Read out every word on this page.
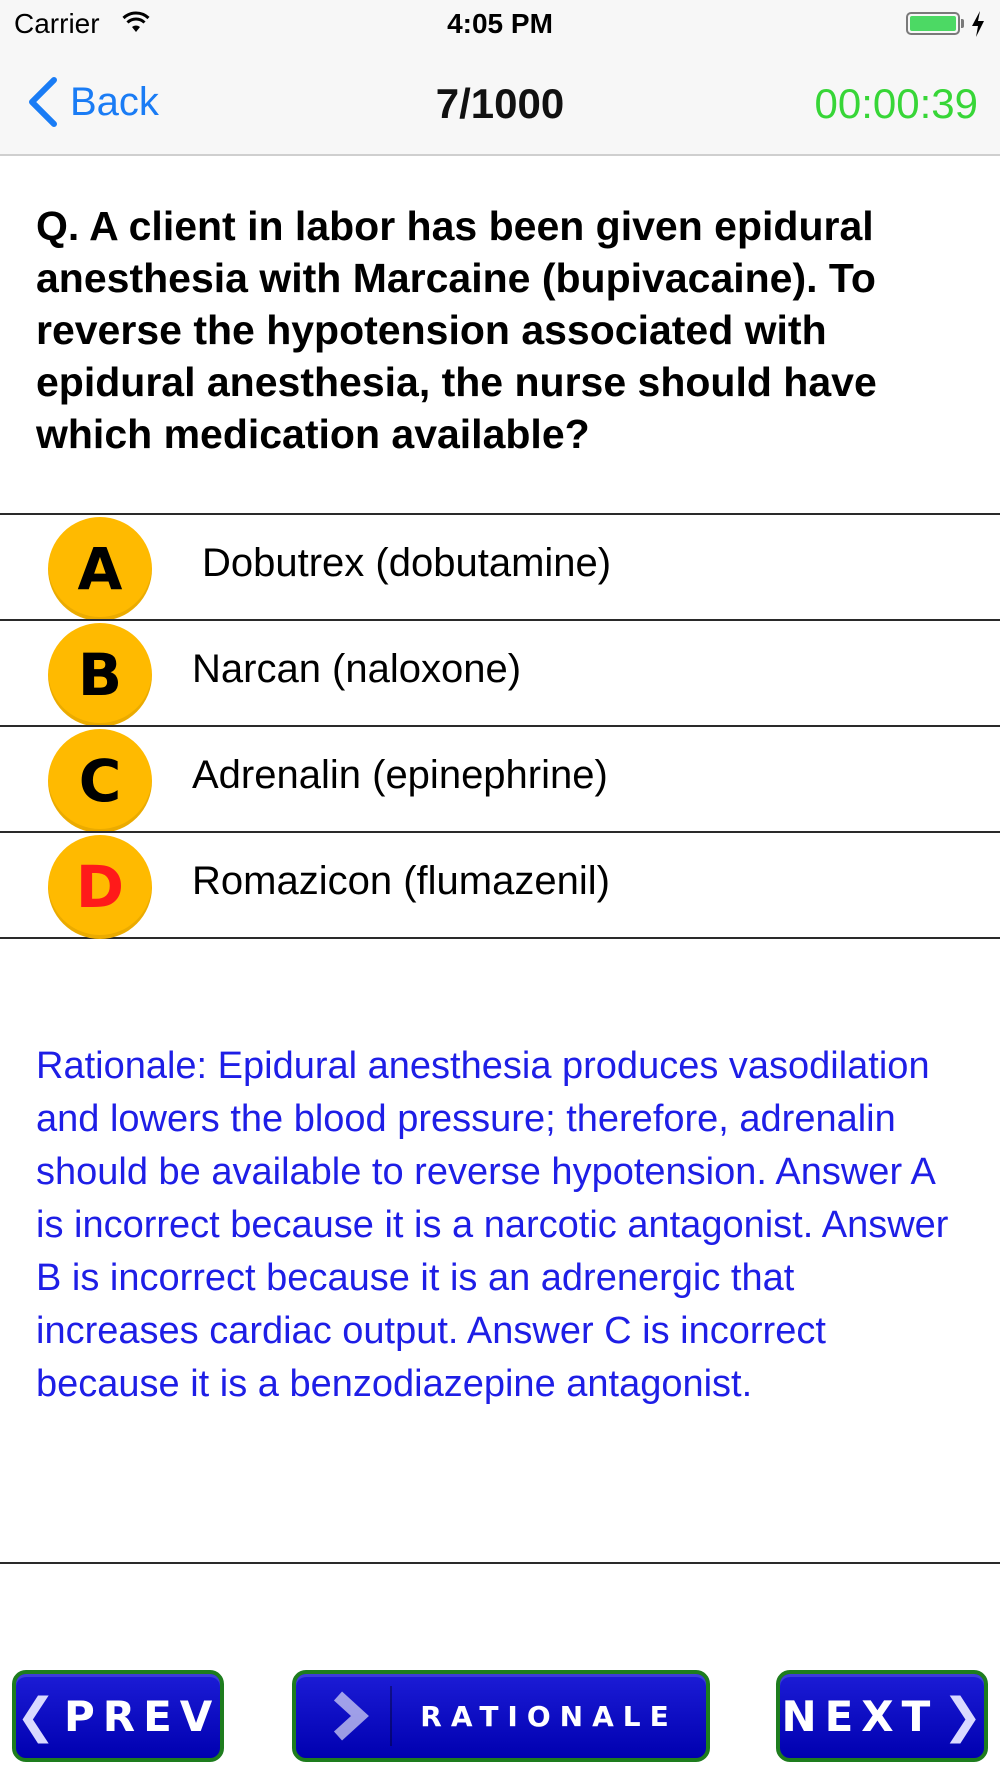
Carrier	4:05 PM
Back	7/1000	00:00:39
Q. A client in labor has been given epidural anesthesia with Marcaine (bupivacaine). To reverse the hypotension associated with epidural anesthesia, the nurse should have which medication available?
A Dobutrex (dobutamine)
B Narcan (naloxone)
C Adrenalin (epinephrine)
D Romazicon (flumazenil)
Rationale: Epidural anesthesia produces vasodilation and lowers the blood pressure; therefore, adrenalin should be available to reverse hypotension. Answer A is incorrect because it is a narcotic antagonist. Answer B is incorrect because it is an adrenergic that increases cardiac output. Answer C is incorrect because it is a benzodiazepine antagonist.
❮ PREV	RATIONALE NEXT ❯
